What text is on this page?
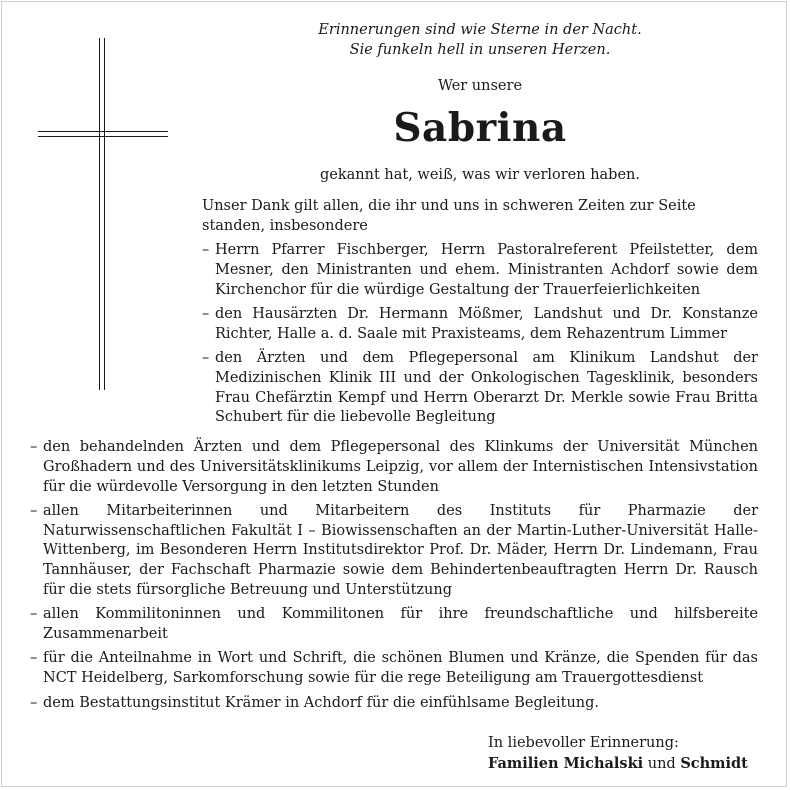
Erinnerungen sind wie Sterne in der Nacht.
Sie funkeln hell in unseren Herzen.
Wer unsere
Sabrina
gekannt hat, weiß, was wir verloren haben.
Unser Dank gilt allen, die ihr und uns in schweren Zeiten zur Seite standen, insbesondere
– Herrn Pfarrer Fischberger, Herrn Pastoralreferent Pfeilstetter, dem Mesner, den Ministranten und ehem. Ministranten Achdorf sowie dem Kirchenchor für die würdige Gestaltung der Trauerfeierlichkeiten
– den Hausärzten Dr. Hermann Mößmer, Landshut und Dr. Konstanze Richter, Halle a. d. Saale mit Praxisteams, dem Rehazentrum Limmer
– den Ärzten und dem Pflegepersonal am Klinikum Landshut der Medizinischen Klinik III und der Onkologischen Tagesklinik, besonders Frau Chefärztin Kempf und Herrn Oberarzt Dr. Merkle sowie Frau Britta Schubert für die liebevolle Begleitung
– den behandelnden Ärzten und dem Pflegepersonal des Klinkums der Universität München Großhadern und des Universitätsklinikums Leipzig, vor allem der Internistischen Intensivstation für die würdevolle Versorgung in den letzten Stunden
– allen Mitarbeiterinnen und Mitarbeitern des Instituts für Pharmazie der Naturwissenschaftlichen Fakultät I – Biowissenschaften an der Martin-Luther-Universität Halle-Wittenberg, im Besonderen Herrn Institutsdirektor Prof. Dr. Mäder, Herrn Dr. Lindemann, Frau Tannhäuser, der Fachschaft Pharmazie sowie dem Behindertenbeauftragten Herrn Dr. Rausch für die stets fürsorgliche Betreuung und Unterstützung
– allen Kommilitoninnen und Kommilitonen für ihre freundschaftliche und hilfsbereite Zusammenarbeit
– für die Anteilnahme in Wort und Schrift, die schönen Blumen und Kränze, die Spenden für das NCT Heidelberg, Sarkomforschung sowie für die rege Beteiligung am Trauergottesdienst
– dem Bestattungsinstitut Krämer in Achdorf für die einfühlsame Begleitung.
In liebevoller Erinnerung:
Familien Michalski und Schmidt
